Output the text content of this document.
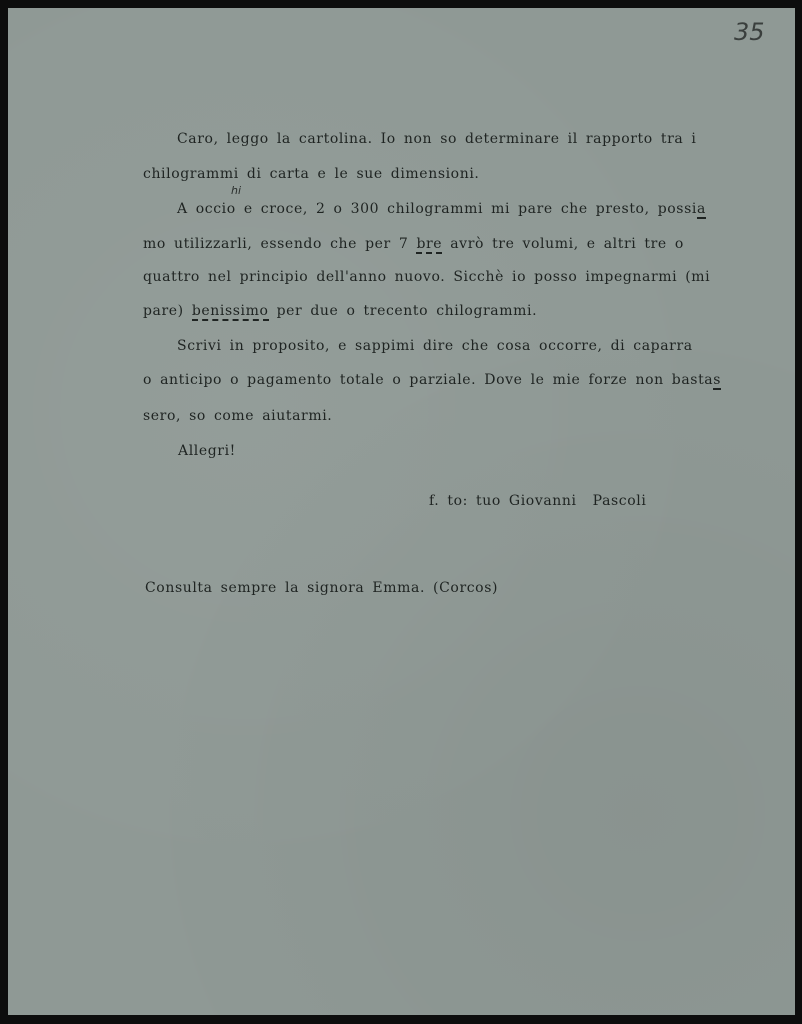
35
hi
Caro, leggo la cartolina. Io non so determinare il rapporto tra i
chilogrammi di carta e le sue dimensioni.
A occio e croce, 2 o 300 chilogrammi mi pare che presto, possia
mo utilizzarli, essendo che per 7 bre avrò tre volumi, e altri tre o
quattro nel principio dell'anno nuovo. Sicchè io posso impegnarmi (mi
pare) benissimo per due o trecento chilogrammi.
Scrivi in proposito, e sappimi dire che cosa occorre, di caparra
o anticipo o pagamento totale o parziale. Dove le mie forze non bastas
sero, so come aiutarmi.
Allegri!
f. to: tuo Giovanni  Pascoli
Consulta sempre la signora Emma. (Corcos)
